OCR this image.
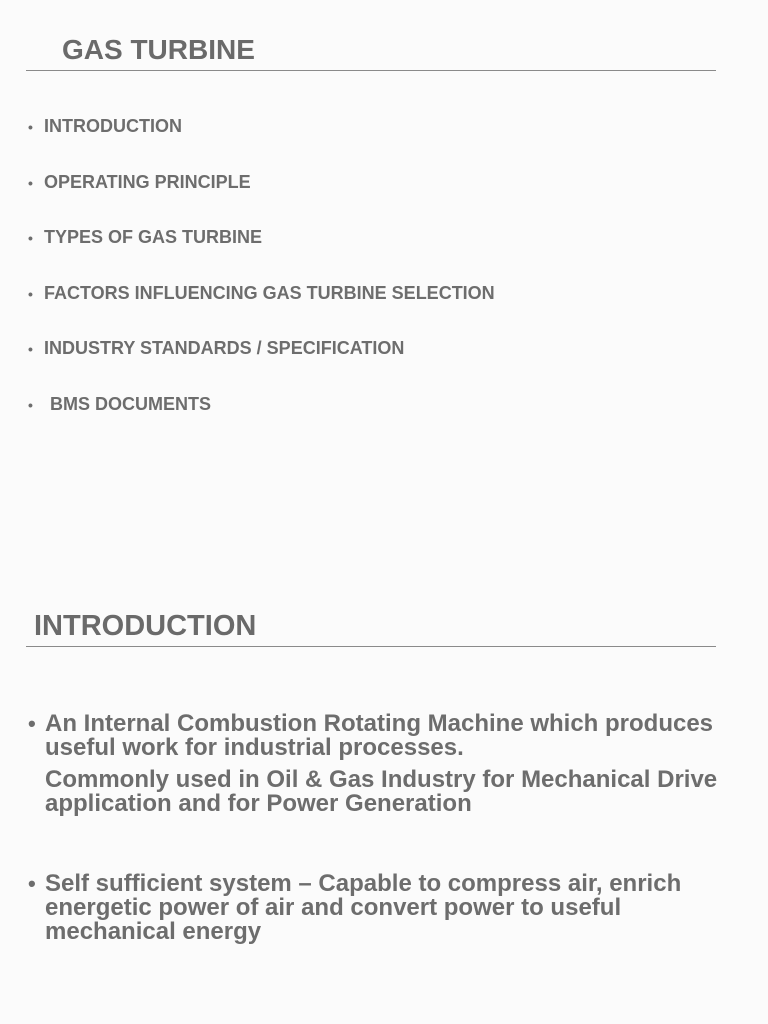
GAS TURBINE
• INTRODUCTION
• OPERATING PRINCIPLE
• TYPES OF GAS TURBINE
• FACTORS INFLUENCING GAS TURBINE SELECTION
• INDUSTRY STANDARDS / SPECIFICATION
• BMS DOCUMENTS
INTRODUCTION
• An Internal Combustion Rotating Machine which produces useful work for industrial processes.

Commonly used in Oil & Gas Industry for Mechanical Drive application and for Power Generation

• Self sufficient system – Capable to compress air, enrich energetic power of air and convert power to useful mechanical energy
